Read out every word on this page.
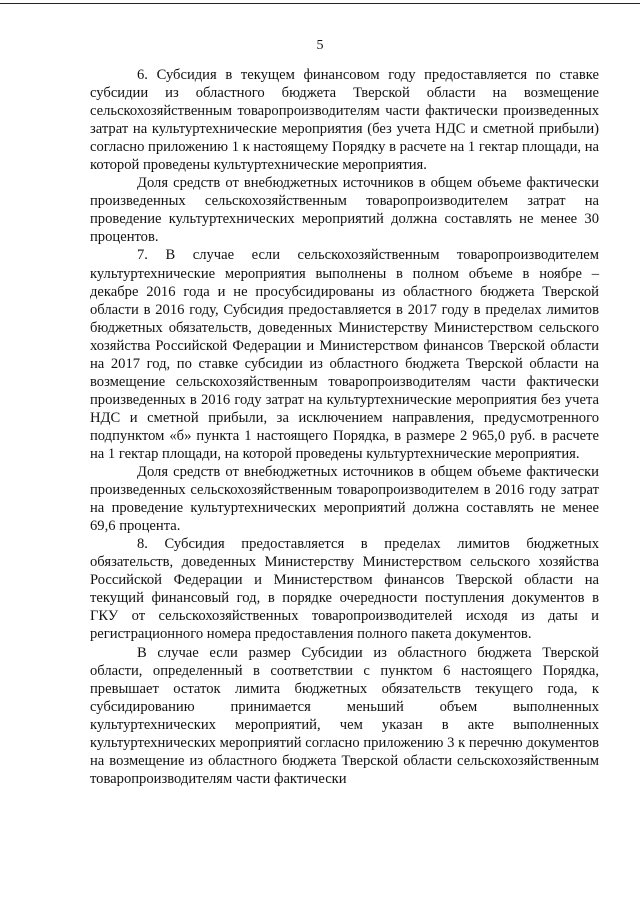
5

6. Субсидия в текущем финансовом году предоставляется по ставке субсидии из областного бюджета Тверской области на возмещение сельскохозяйственным товаропроизводителям части фактически произведенных затрат на культуртехнические мероприятия (без учета НДС и сметной прибыли) согласно приложению 1 к настоящему Порядку в расчете на 1 гектар площади, на которой проведены культуртехнические мероприятия.

Доля средств от внебюджетных источников в общем объеме фактически произведенных сельскохозяйственным товаропроизводителем затрат на проведение культуртехнических мероприятий должна составлять не менее 30 процентов.

7. В случае если сельскохозяйственным товаропроизводителем культуртехнические мероприятия выполнены в полном объеме в ноябре – декабре 2016 года и не просубсидированы из областного бюджета Тверской области в 2016 году, Субсидия предоставляется в 2017 году в пределах лимитов бюджетных обязательств, доведенных Министерству Министерством сельского хозяйства Российской Федерации и Министерством финансов Тверской области на 2017 год, по ставке субсидии из областного бюджета Тверской области на возмещение сельскохозяйственным товаропроизводителям части фактически произведенных в 2016 году затрат на культуртехнические мероприятия без учета НДС и сметной прибыли, за исключением направления, предусмотренного подпунктом «б» пункта 1 настоящего Порядка, в размере 2 965,0 руб. в расчете на 1 гектар площади, на которой проведены культуртехнические мероприятия.

Доля средств от внебюджетных источников в общем объеме фактически произведенных сельскохозяйственным товаропроизводителем в 2016 году затрат на проведение культуртехнических мероприятий должна составлять не менее 69,6 процента.

8. Субсидия предоставляется в пределах лимитов бюджетных обязательств, доведенных Министерству Министерством сельского хозяйства Российской Федерации и Министерством финансов Тверской области на текущий финансовый год, в порядке очередности поступления документов в ГКУ от сельскохозяйственных товаропроизводителей исходя из даты и регистрационного номера предоставления полного пакета документов.

В случае если размер Субсидии из областного бюджета Тверской области, определенный в соответствии с пунктом 6 настоящего Порядка, превышает остаток лимита бюджетных обязательств текущего года, к субсидированию принимается меньший объем выполненных культуртехнических мероприятий, чем указан в акте выполненных культуртехнических мероприятий согласно приложению 3 к перечню документов на возмещение из областного бюджета Тверской области сельскохозяйственным товаропроизводителям части фактически
